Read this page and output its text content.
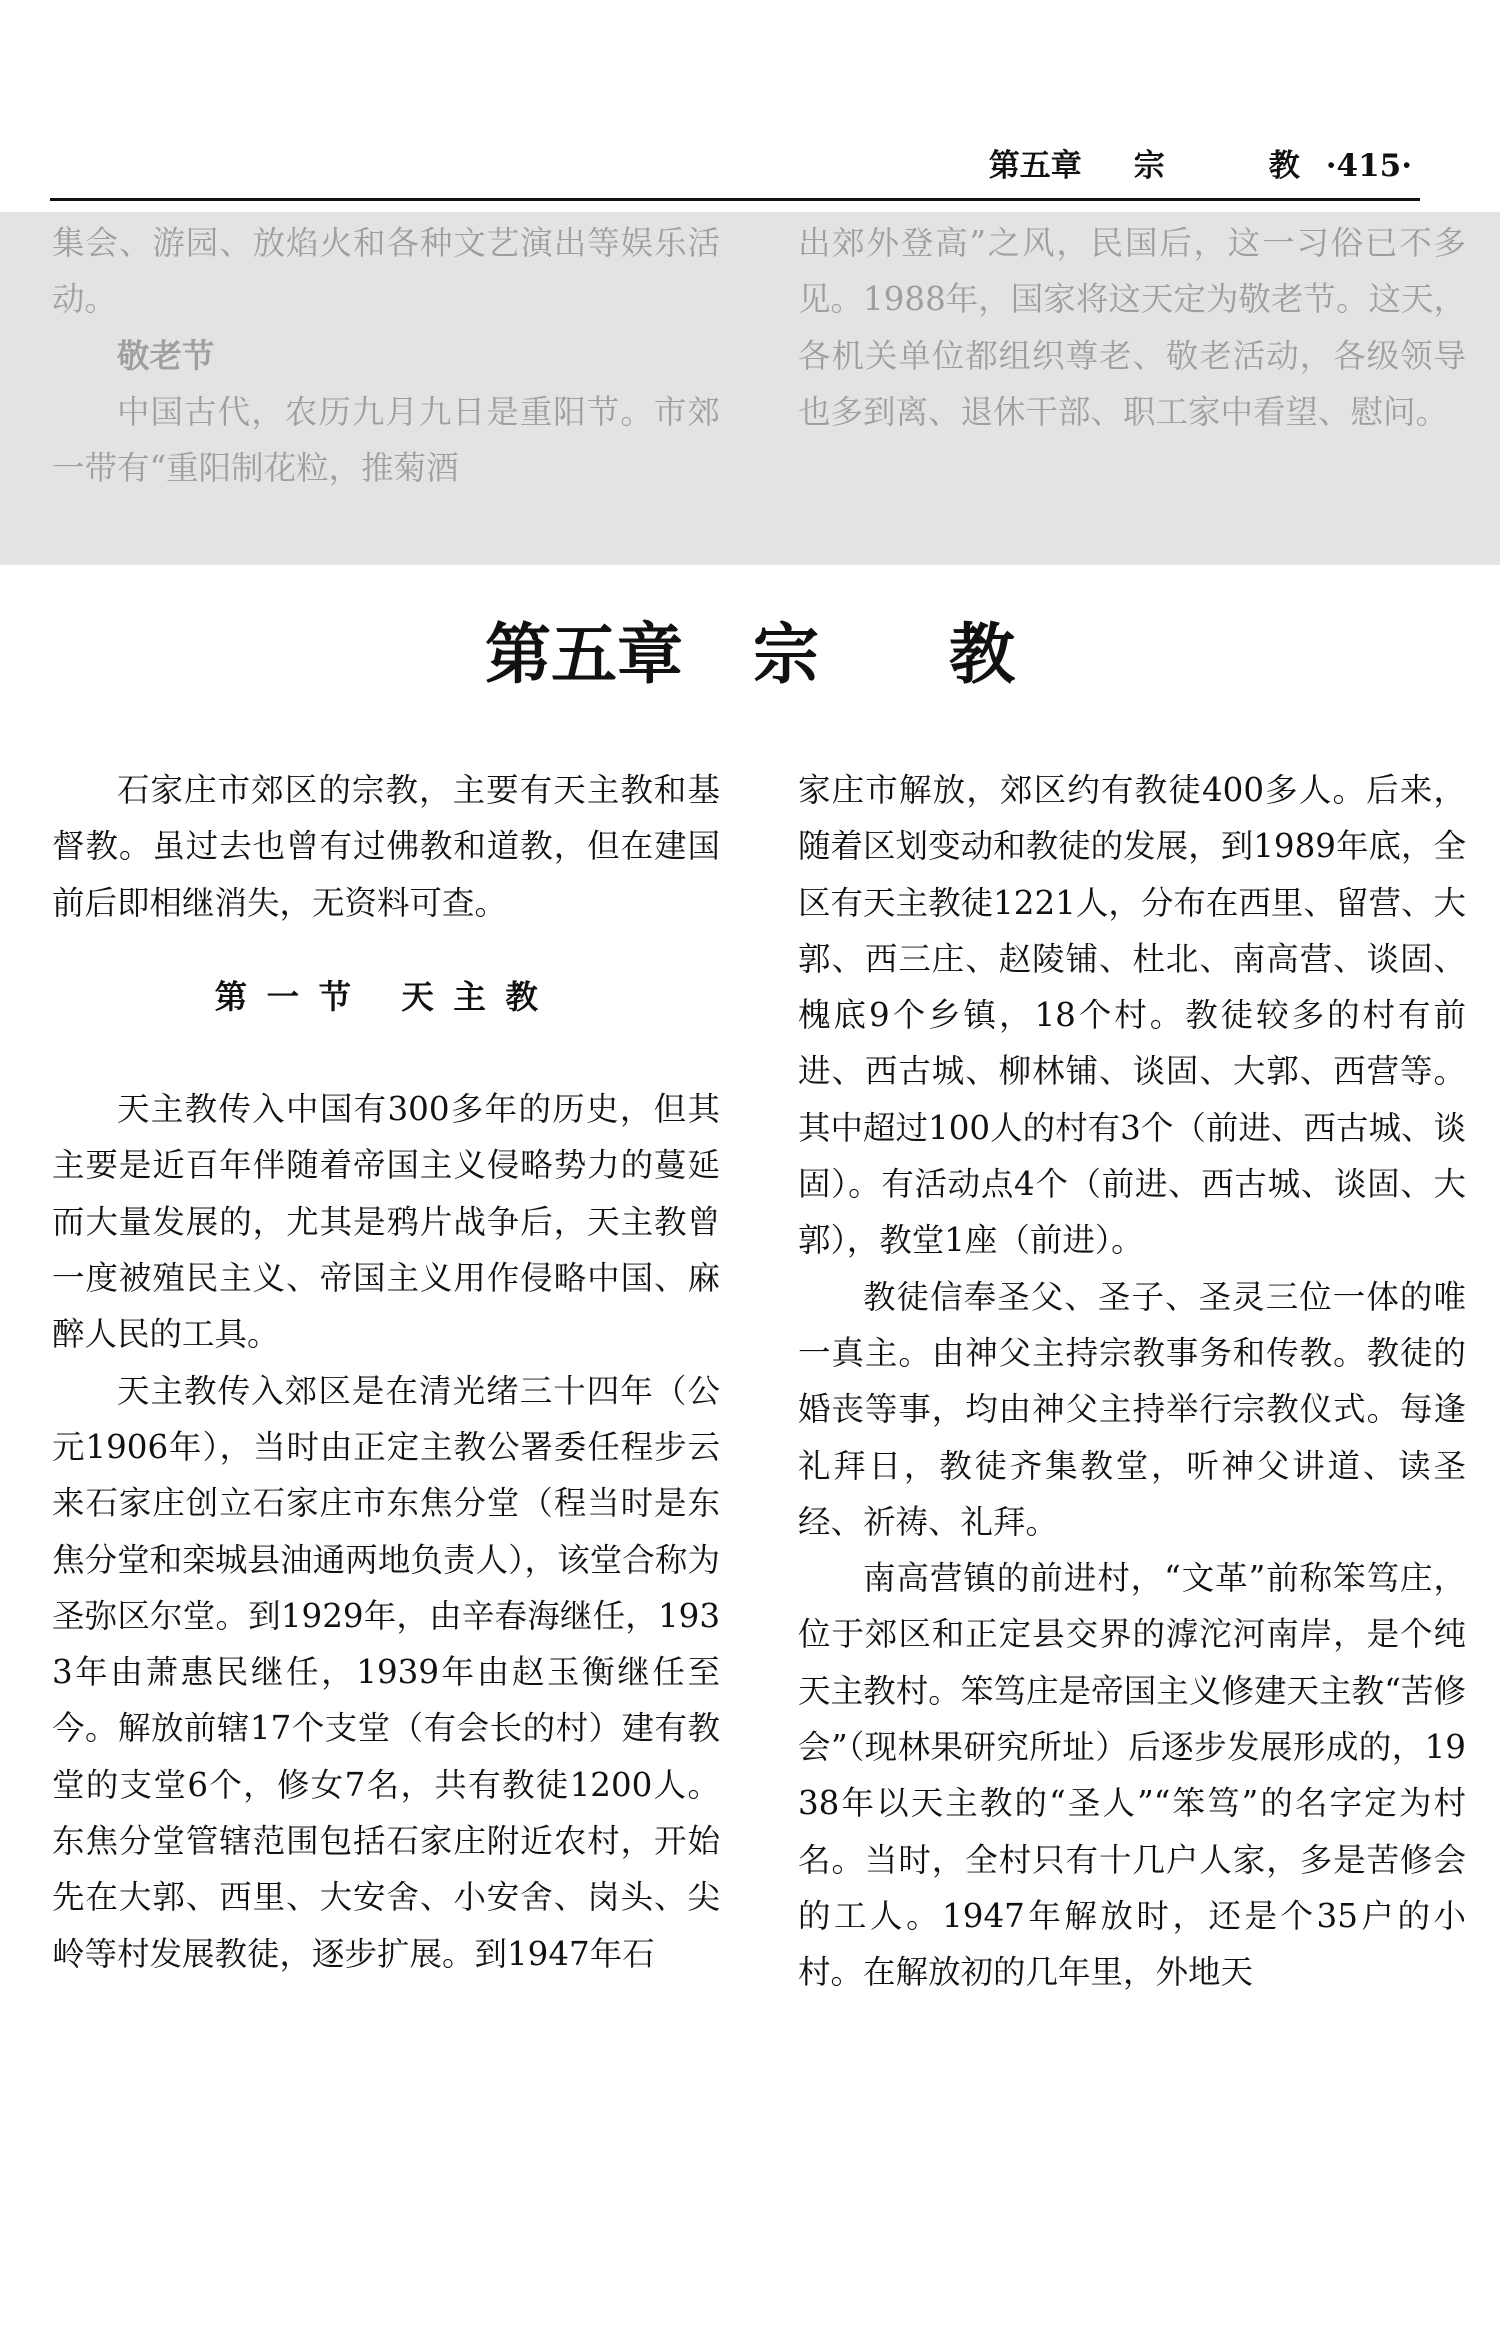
第五章 宗	教 ·415·

集会、游园、放焰火和各种文艺演出等娱乐活动。

敬老节

中国古代，农历九月九日是重阳节。市郊一带有“重阳制花粒，推菊酒

出郊外登高”之风，民国后，这一习俗已不多见。1988年，国家将这天定为敬老节。这天，各机关单位都组织尊老、敬老活动，各级领导也多到离、退休干部、职工家中看望、慰问。

第五章 宗 教

石家庄市郊区的宗教，主要有天主教和基督教。虽过去也曾有过佛教和道教，但在建国前后即相继消失，无资料可查。

第一节 天主教

天主教传入中国有300多年的历史，但其主要是近百年伴随着帝国主义侵略势力的蔓延而大量发展的，尤其是鸦片战争后，天主教曾一度被殖民主义、帝国主义用作侵略中国、麻醉人民的工具。

天主教传入郊区是在清光绪三十四年（公元1906年），当时由正定主教公署委任程步云来石家庄创立石家庄市东焦分堂（程当时是东焦分堂和栾城县油通两地负责人），该堂合称为圣弥区尔堂。到1929年，由辛春海继任，1933年由萧惠民继任，1939年由赵玉衡继任至今。解放前辖17个支堂（有会长的村）建有教堂的支堂6个，修女7名，共有教徒1200人。东焦分堂管辖范围包括石家庄附近农村，开始先在大郭、西里、大安舍、小安舍、岗头、尖岭等村发展教徒，逐步扩展。到1947年石

家庄市解放，郊区约有教徒400多人。后来，随着区划变动和教徒的发展，到1989年底，全区有天主教徒1221人，分布在西里、留营、大郭、西三庄、赵陵铺、杜北、南高营、谈固、槐底9个乡镇，18个村。教徒较多的村有前进、西古城、柳林铺、谈固、大郭、西营等。其中超过100人的村有3个（前进、西古城、谈固）。有活动点4个（前进、西古城、谈固、大郭），教堂1座（前进）。

教徒信奉圣父、圣子、圣灵三位一体的唯一真主。由神父主持宗教事务和传教。教徒的婚丧等事，均由神父主持举行宗教仪式。每逢礼拜日，教徒齐集教堂，听神父讲道、读圣经、祈祷、礼拜。

南高营镇的前进村，“文革”前称笨笃庄，位于郊区和正定县交界的滹沱河南岸，是个纯天主教村。笨笃庄是帝国主义修建天主教“苦修会”（现林果研究所址）后逐步发展形成的，1938年以天主教的“圣人”“笨笃”的名字定为村名。当时，全村只有十几户人家，多是苦修会的工人。1947年解放时，还是个35户的小村。在解放初的几年里，外地天
